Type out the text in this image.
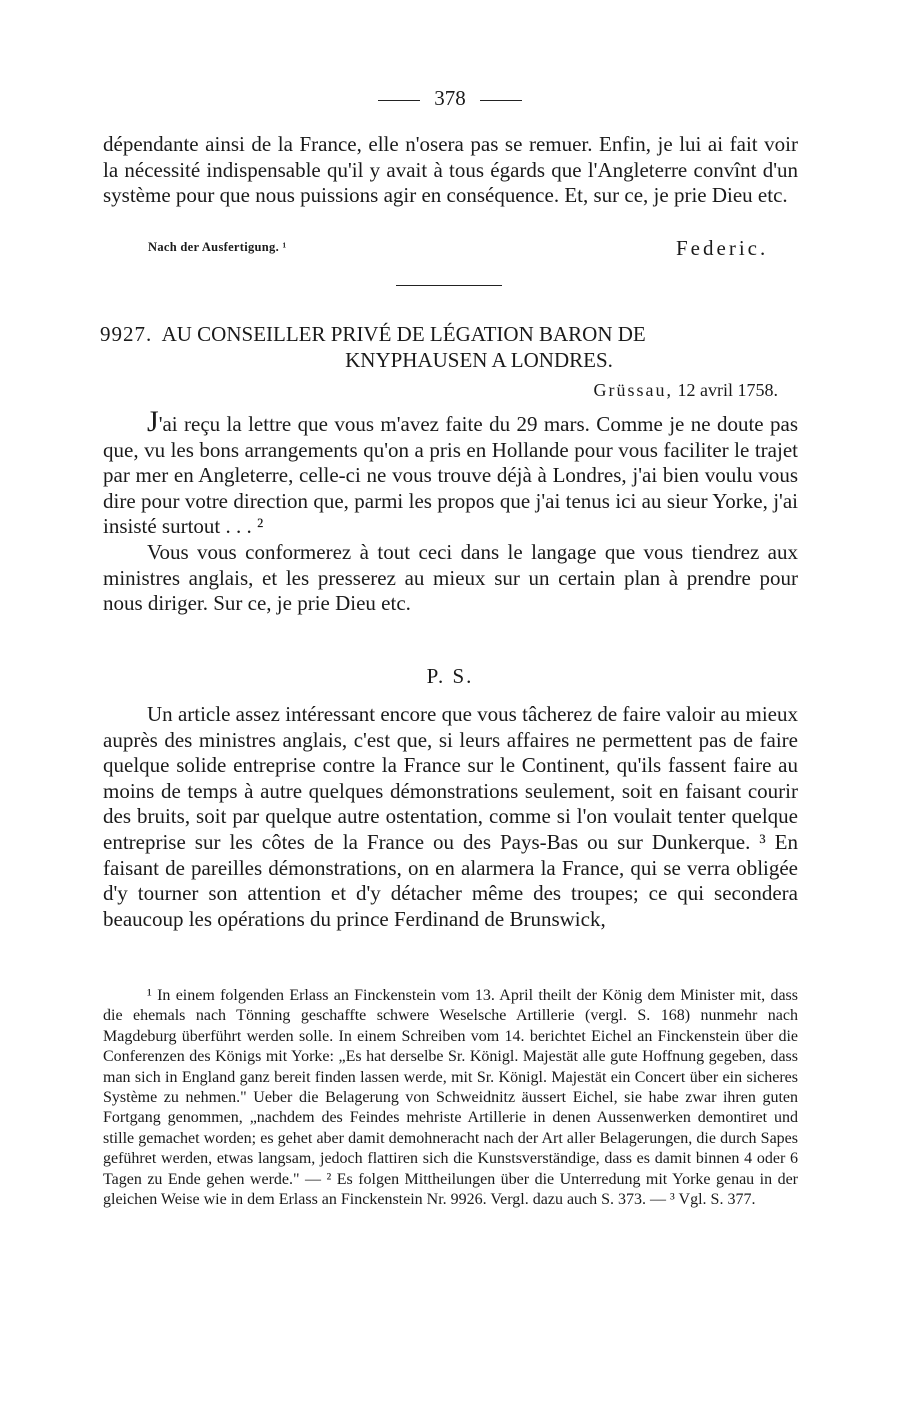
378

dépendante ainsi de la France, elle n'osera pas se remuer. Enfin, je lui ai fait voir la nécessité indispensable qu'il y avait à tous égards que l'Angleterre convînt d'un système pour que nous puissions agir en conséquence. Et, sur ce, je prie Dieu etc.

Nach der Ausfertigung. ¹	Federic.
9927. AU CONSEILLER PRIVÉ DE LÉGATION BARON DE
KNYPHAUSEN A LONDRES.
Grüssau, 12 avril 1758.

J'ai reçu la lettre que vous m'avez faite du 29 mars. Comme je ne doute pas que, vu les bons arrangements qu'on a pris en Hollande pour vous faciliter le trajet par mer en Angleterre, celle-ci ne vous trouve déjà à Londres, j'ai bien voulu vous dire pour votre direction que, parmi les propos que j'ai tenus ici au sieur Yorke, j'ai insisté surtout . . . ²

Vous vous conformerez à tout ceci dans le langage que vous tiendrez aux ministres anglais, et les presserez au mieux sur un certain plan à prendre pour nous diriger. Sur ce, je prie Dieu etc.

P. S.

Un article assez intéressant encore que vous tâcherez de faire valoir au mieux auprès des ministres anglais, c'est que, si leurs affaires ne permettent pas de faire quelque solide entreprise contre la France sur le Continent, qu'ils fassent faire au moins de temps à autre quelques démonstrations seulement, soit en faisant courir des bruits, soit par quelque autre ostentation, comme si l'on voulait tenter quelque entreprise sur les côtes de la France ou des Pays-Bas ou sur Dunkerque. ³ En faisant de pareilles démonstrations, on en alarmera la France, qui se verra obligée d'y tourner son attention et d'y détacher même des troupes; ce qui secondera beaucoup les opérations du prince Ferdinand de Brunswick,

¹ In einem folgenden Erlass an Finckenstein vom 13. April theilt der König dem Minister mit, dass die ehemals nach Tönning geschaffte schwere Weselsche Artillerie (vergl. S. 168) nunmehr nach Magdeburg überführt werden solle. In einem Schreiben vom 14. berichtet Eichel an Finckenstein über die Conferenzen des Königs mit Yorke: „Es hat derselbe Sr. Königl. Majestät alle gute Hoffnung gegeben, dass man sich in England ganz bereit finden lassen werde, mit Sr. Königl. Majestät ein Concert über ein sicheres Système zu nehmen." Ueber die Belagerung von Schweidnitz äussert Eichel, sie habe zwar ihren guten Fortgang genommen, „nachdem des Feindes mehriste Artillerie in denen Aussenwerken demontiret und stille gemachet worden; es gehet aber damit demohneracht nach der Art aller Belagerungen, die durch Sapes geführet werden, etwas langsam, jedoch flattiren sich die Kunstsverständige, dass es damit binnen 4 oder 6 Tagen zu Ende gehen werde." — ² Es folgen Mittheilungen über die Unterredung mit Yorke genau in der gleichen Weise wie in dem Erlass an Finckenstein Nr. 9926. Vergl. dazu auch S. 373. — ³ Vgl. S. 377.
